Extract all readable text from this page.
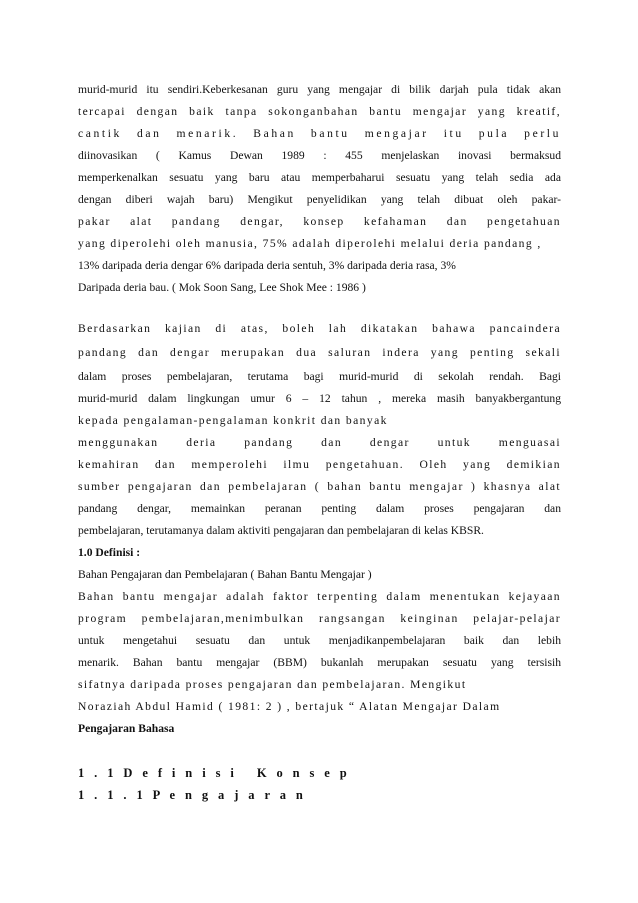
murid-murid itu sendiri.Keberkesanan guru yang mengajar di bilik darjah pula tidak akan
tercapai dengan baik tanpa sokonganbahan bantu mengajar yang kreatif,
cantik dan menarik. Bahan bantu mengajar itu pula perlu
diinovasikan ( Kamus Dewan 1989 : 455 menjelaskan inovasi bermaksud
memperkenalkan sesuatu yang baru atau memperbaharui sesuatu yang telah sedia ada
dengan diberi wajah baru) Mengikut penyelidikan yang telah dibuat oleh pakar-
pakar alat pandang dengar, konsep kefahaman dan pengetahuan
yang diperolehi oleh manusia, 75% adalah diperolehi melalui deria pandang ,
13% daripada deria dengar 6% daripada deria sentuh, 3% daripada deria rasa, 3%
Daripada deria bau. ( Mok Soon Sang, Lee Shok Mee : 1986 )
Berdasarkan kajian di atas, boleh lah dikatakan bahawa pancaindera
pandang dan dengar merupakan dua saluran indera yang penting sekali
dalam proses pembelajaran, terutama bagi murid-murid di sekolah rendah. Bagi
murid-murid dalam lingkungan umur 6 – 12 tahun , mereka masih banyakbergantung
kepada pengalaman-pengalaman konkrit dan banyak
menggunakan deria pandang dan dengar untuk menguasai
kemahiran dan memperolehi ilmu pengetahuan. Oleh yang demikian
sumber pengajaran dan pembelajaran ( bahan bantu mengajar ) khasnya alat
pandang dengar, memainkan peranan penting dalam proses pengajaran dan
pembelajaran, terutamanya dalam aktiviti pengajaran dan pembelajaran di kelas KBSR.
1.0 Definisi :
Bahan Pengajaran dan Pembelajaran ( Bahan Bantu Mengajar )
Bahan bantu mengajar adalah faktor terpenting dalam menentukan kejayaan
program pembelajaran,menimbulkan rangsangan keinginan pelajar-pelajar
untuk mengetahui sesuatu dan untuk menjadikanpembelajaran baik dan lebih
menarik. Bahan bantu mengajar (BBM) bukanlah merupakan sesuatu yang tersisih
sifatnya daripada proses pengajaran dan pembelajaran. Mengikut
Noraziah Abdul Hamid ( 1981: 2 ) , bertajuk “ Alatan Mengajar Dalam
Pengajaran Bahasa
1 . 1 D e f i n i s i   K o n s e p
1 . 1 . 1 P e n g a j a r a n
